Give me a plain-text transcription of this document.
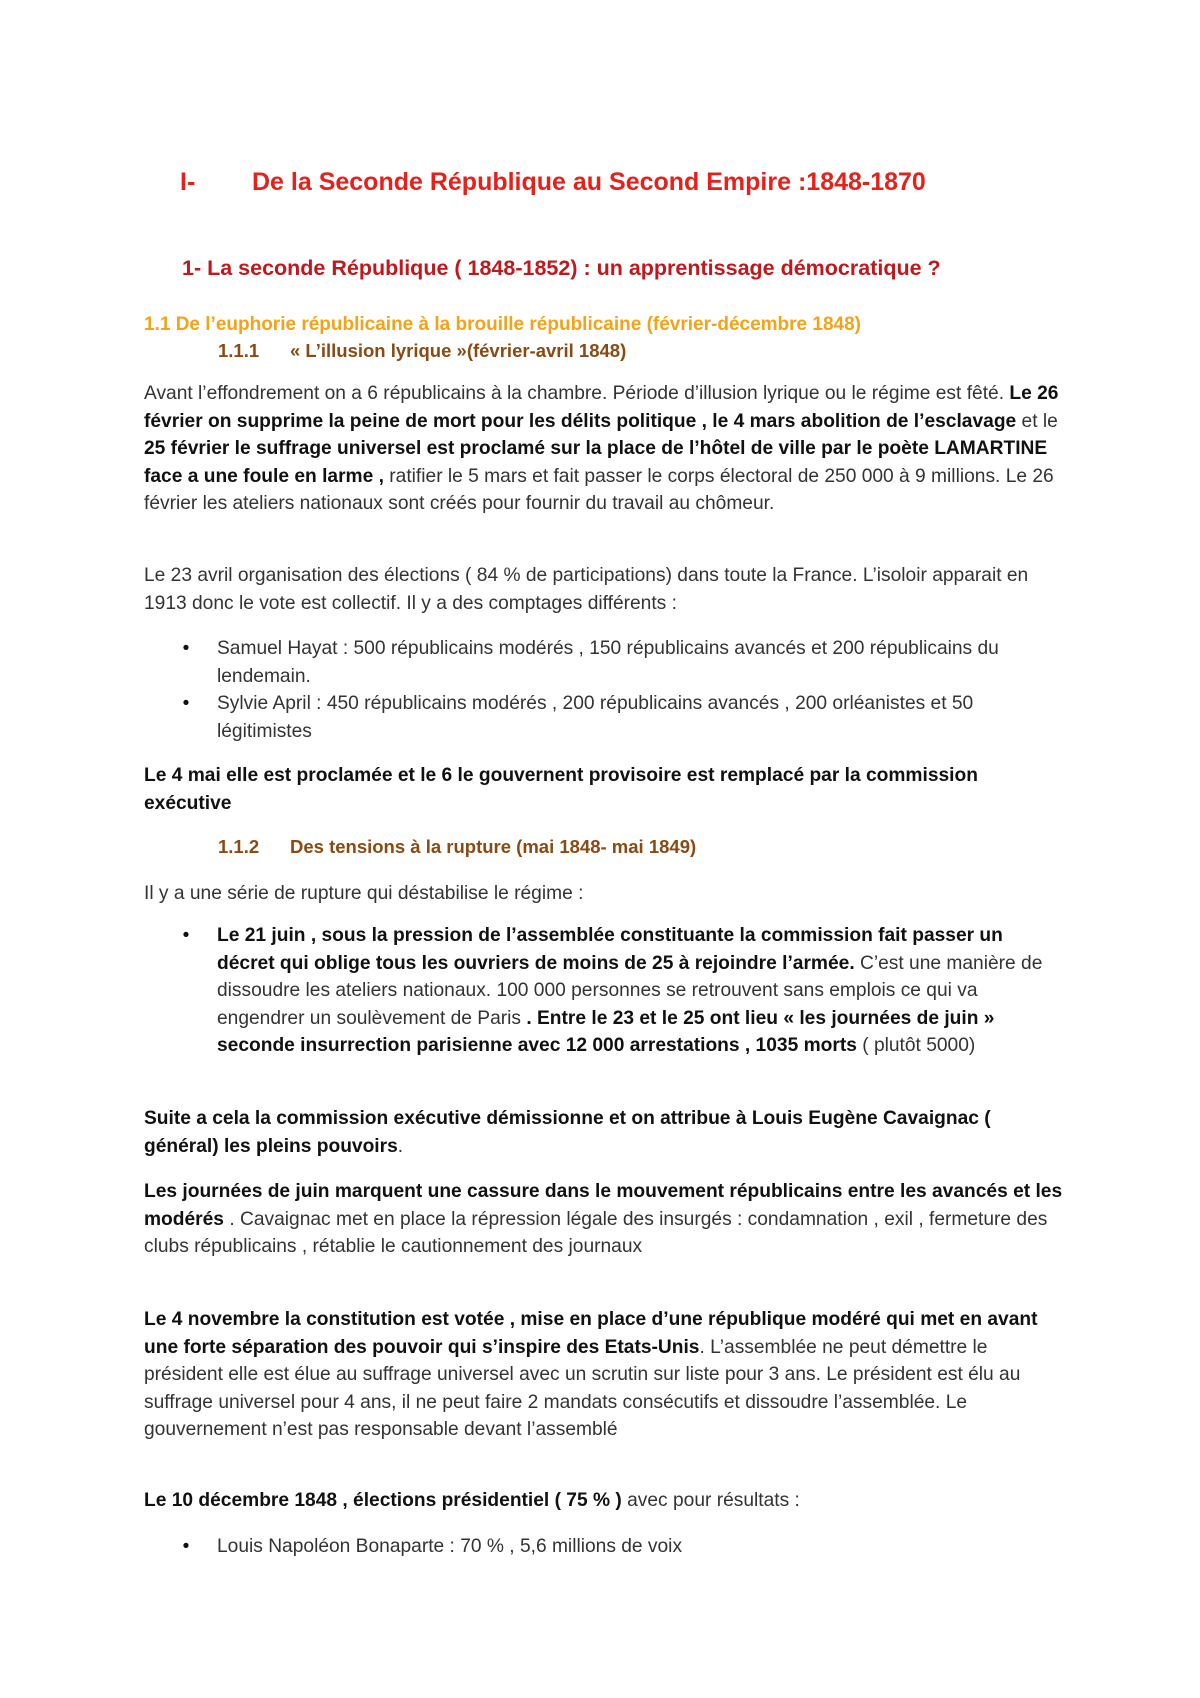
I- De la Seconde République au Second Empire :1848-1870
1- La seconde République ( 1848-1852) : un apprentissage démocratique ?
1.1 De l’euphorie républicaine à la brouille républicaine (février-décembre 1848)
1.1.1 « L’illusion lyrique »(février-avril 1848)

Avant l’effondrement on a 6 républicains à la chambre. Période d’illusion lyrique ou le régime est fêté. Le 26 février on supprime la peine de mort pour les délits politique , le 4 mars abolition de l’esclavage et le 25 février le suffrage universel est proclamé sur la place de l’hôtel de ville par le poète LAMARTINE face a une foule en larme , ratifier le 5 mars et fait passer le corps électoral de 250 000 à 9 millions. Le 26 février les ateliers nationaux sont créés pour fournir du travail au chômeur.

Le 23 avril organisation des élections ( 84 % de participations) dans toute la France. L’isoloir apparait en 1913 donc le vote est collectif. Il y a des comptages différents :

• Samuel Hayat : 500 républicains modérés , 150 républicains avancés et 200 républicains du lendemain.
• Sylvie April : 450 républicains modérés , 200 républicains avancés , 200 orléanistes et 50 légitimistes

Le 4 mai elle est proclamée et le 6 le gouvernent provisoire est remplacé par la commission exécutive

1.1.2 Des tensions à la rupture (mai 1848- mai 1849)

Il y a une série de rupture qui déstabilise le régime :

• Le 21 juin , sous la pression de l’assemblée constituante la commission fait passer un décret qui oblige tous les ouvriers de moins de 25 à rejoindre l’armée. C’est une manière de dissoudre les ateliers nationaux. 100 000 personnes se retrouvent sans emplois ce qui va engendrer un soulèvement de Paris . Entre le 23 et le 25 ont lieu « les journées de juin » seconde insurrection parisienne avec 12 000 arrestations , 1035 morts ( plutôt 5000)

Suite a cela la commission exécutive démissionne et on attribue à Louis Eugène Cavaignac ( général) les pleins pouvoirs.

Les journées de juin marquent une cassure dans le mouvement républicains entre les avancés et les modérés . Cavaignac met en place la répression légale des insurgés : condamnation , exil , fermeture des clubs républicains , rétablie le cautionnement des journaux

Le 4 novembre la constitution est votée , mise en place d’une république modéré qui met en avant une forte séparation des pouvoir qui s’inspire des Etats-Unis. L’assemblée ne peut démettre le président elle est élue au suffrage universel avec un scrutin sur liste pour 3 ans. Le président est élu au suffrage universel pour 4 ans, il ne peut faire 2 mandats consécutifs et dissoudre l’assemblée. Le gouvernement n’est pas responsable devant l’assemblé

Le 10 décembre 1848 , élections présidentiel ( 75 % ) avec pour résultats :

• Louis Napoléon Bonaparte : 70 % , 5,6 millions de voix
